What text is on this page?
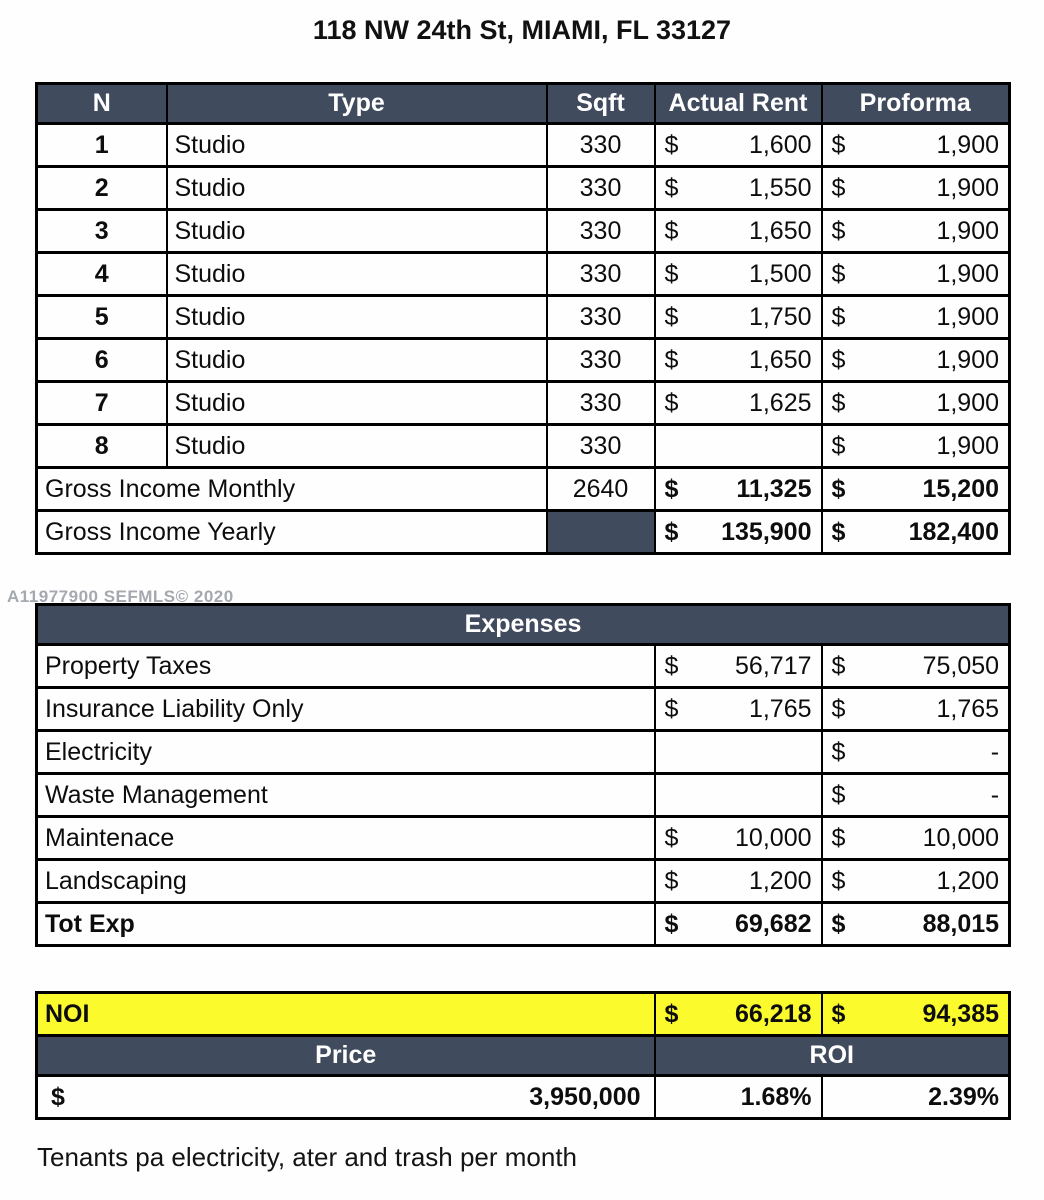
118 NW 24th St, MIAMI, FL 33127
N	Type	Sqft	Actual Rent	Proforma
1	Studio	330	$ 1,600	$ 1,900

2	Studio	330	$ 1,550	$ 1,900

3	Studio	330	$ 1,650	$ 1,900

4	Studio	330	$ 1,500	$ 1,900

5	Studio	330	$ 1,750	$ 1,900

6	Studio	330	$ 1,650	$ 1,900

7	Studio	330	$ 1,625	$ 1,900

8	Studio	330		$ 1,900

Gross Income Monthly		2640	$ 11,325	$ 15,200

Gross Income Yearly			$ 135,900	$ 182,400
A11977900 SEFMLS© 2020
Expenses		
Property Taxes	$ 56,717	$ 75,050

Insurance Liability Only	$ 1,765	$ 1,765

Electricity		$ -

Waste Management		$ -

Maintenace	$ 10,000	$ 10,000

Landscaping	$ 1,200	$ 1,200

Tot Exp	$ 69,682	$ 88,015
NOI	$ 66,218	$ 94,385

Price	ROI	

$ 3,950,000	1.68%	2.39%
Tenants pa electricity, ater and trash per month
